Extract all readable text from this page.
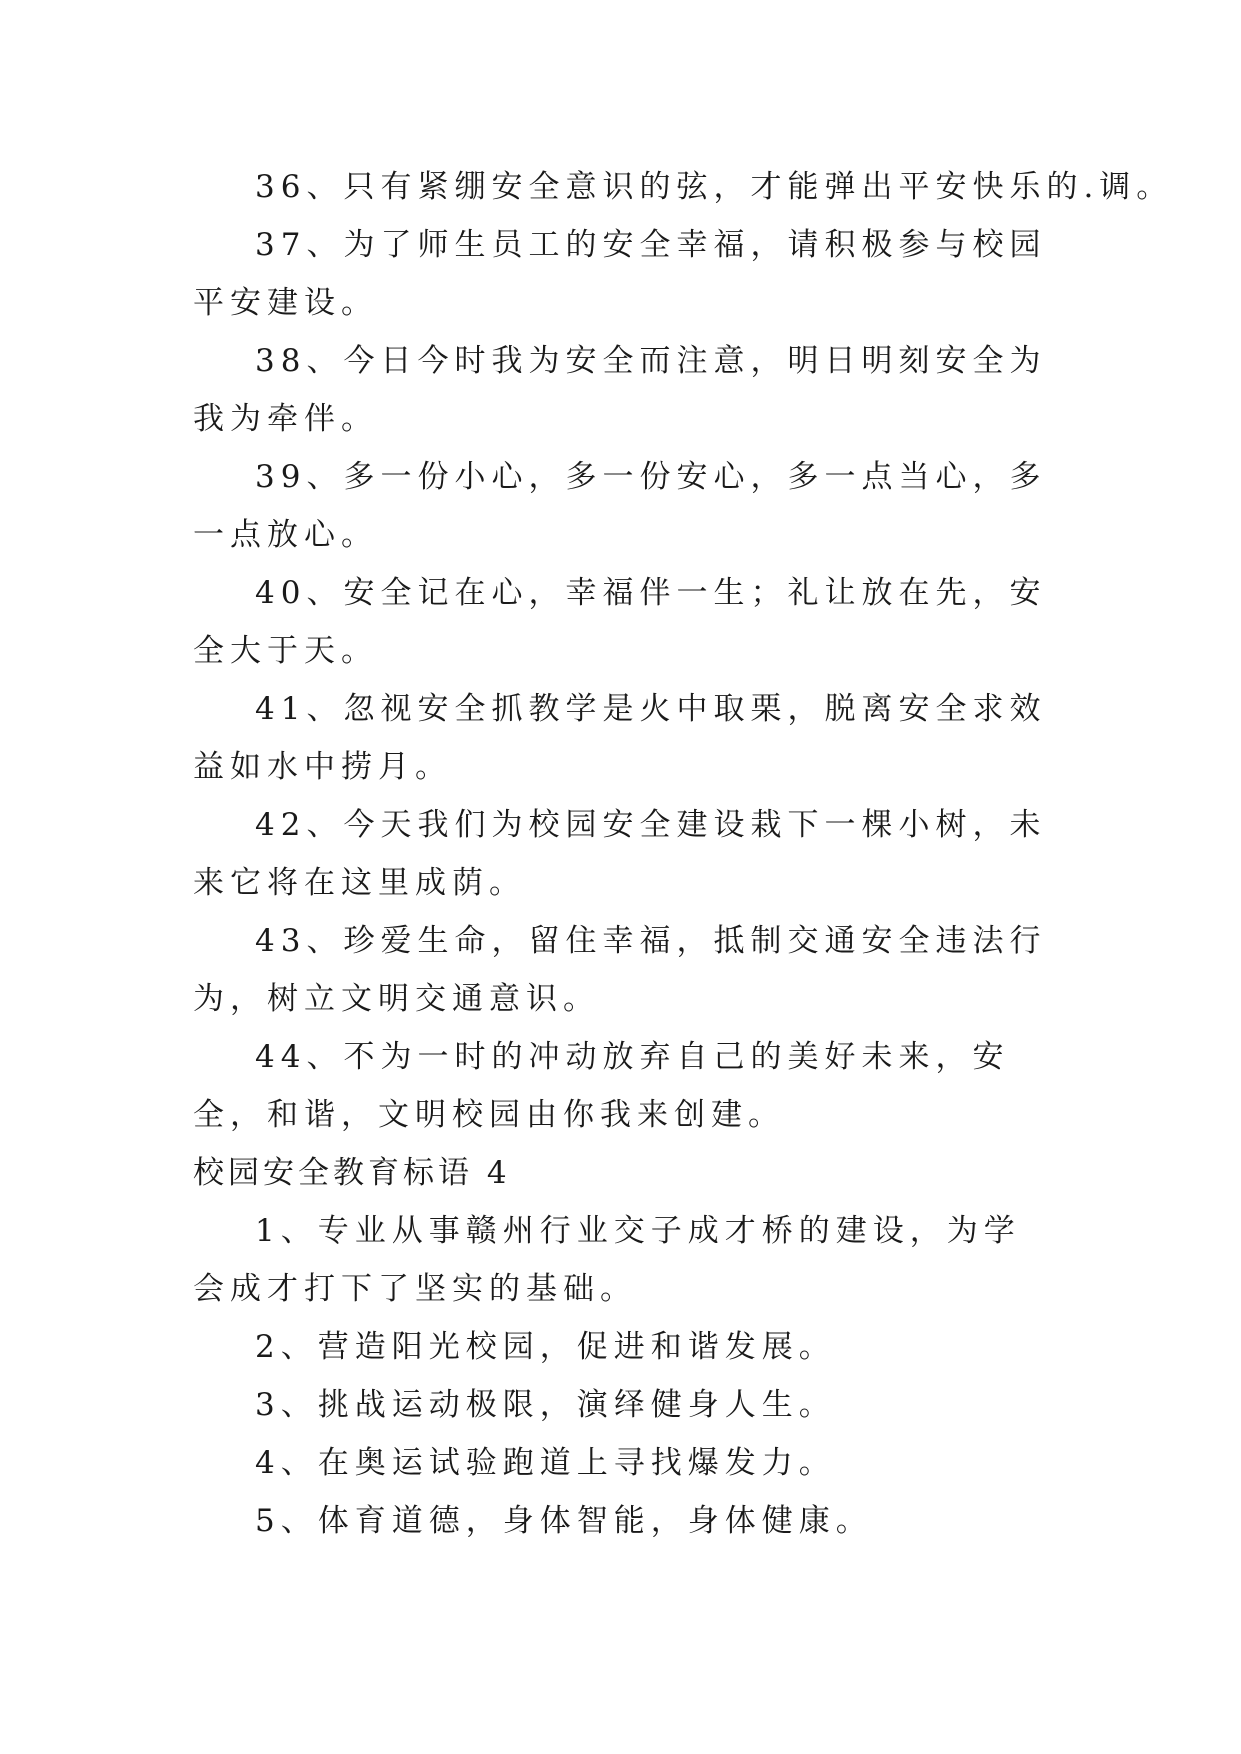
36、只有紧绷安全意识的弦，才能弹出平安快乐的.调。

37、为了师生员工的安全幸福，请积极参与校园平安建设。

38、今日今时我为安全而注意，明日明刻安全为我为牵伴。

39、多一份小心，多一份安心，多一点当心，多一点放心。

40、安全记在心，幸福伴一生；礼让放在先，安全大于天。

41、忽视安全抓教学是火中取栗，脱离安全求效益如水中捞月。

42、今天我们为校园安全建设栽下一棵小树，未来它将在这里成荫。

43、珍爱生命，留住幸福，抵制交通安全违法行为，树立文明交通意识。

44、不为一时的冲动放弃自己的美好未来，安全，和谐，文明校园由你我来创建。

校园安全教育标语 4

1、专业从事赣州行业交子成才桥的建设，为学会成才打下了坚实的基础。

2、营造阳光校园，促进和谐发展。

3、挑战运动极限，演绎健身人生。

4、在奥运试验跑道上寻找爆发力。

5、体育道德，身体智能，身体健康。
